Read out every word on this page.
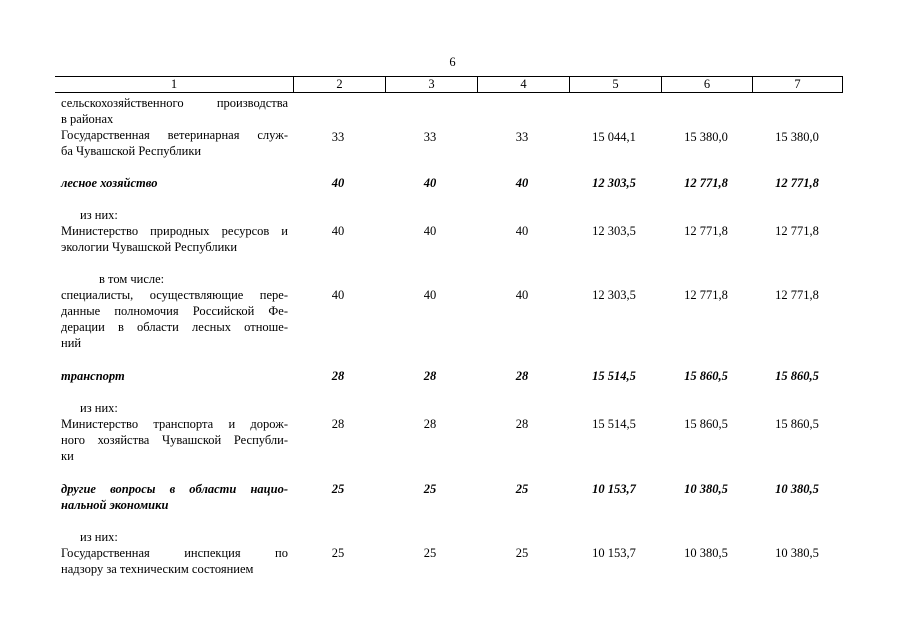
6
1	2	3	4	5	6	7
сельскохозяйственного производства
в районах
Государственная ветеринарная служ-
ба Чувашской Республики
33	33	33	15 044,1	15 380,0	15 380,0
лесное хозяйство	40	40	40	12 303,5	12 771,8	12 771,8
из них:
Министерство природных ресурсов и
экологии Чувашской Республики
40	40	40	12 303,5	12 771,8	12 771,8
в том числе:
специалисты, осуществляющие пере-
данные полномочия Российской Фе-
дерации в области лесных отноше-
ний
40	40	40	12 303,5	12 771,8	12 771,8
транспорт	28	28	28	15 514,5	15 860,5	15 860,5
из них:
Министерство транспорта и дорож-
ного хозяйства Чувашской Республи-
ки
28	28	28	15 514,5	15 860,5	15 860,5
другие вопросы в области нацио-
нальной экономики
25	25	25	10 153,7	10 380,5	10 380,5
из них:
Государственная инспекция по
надзору за техническим состоянием
25	25	25	10 153,7	10 380,5	10 380,5
